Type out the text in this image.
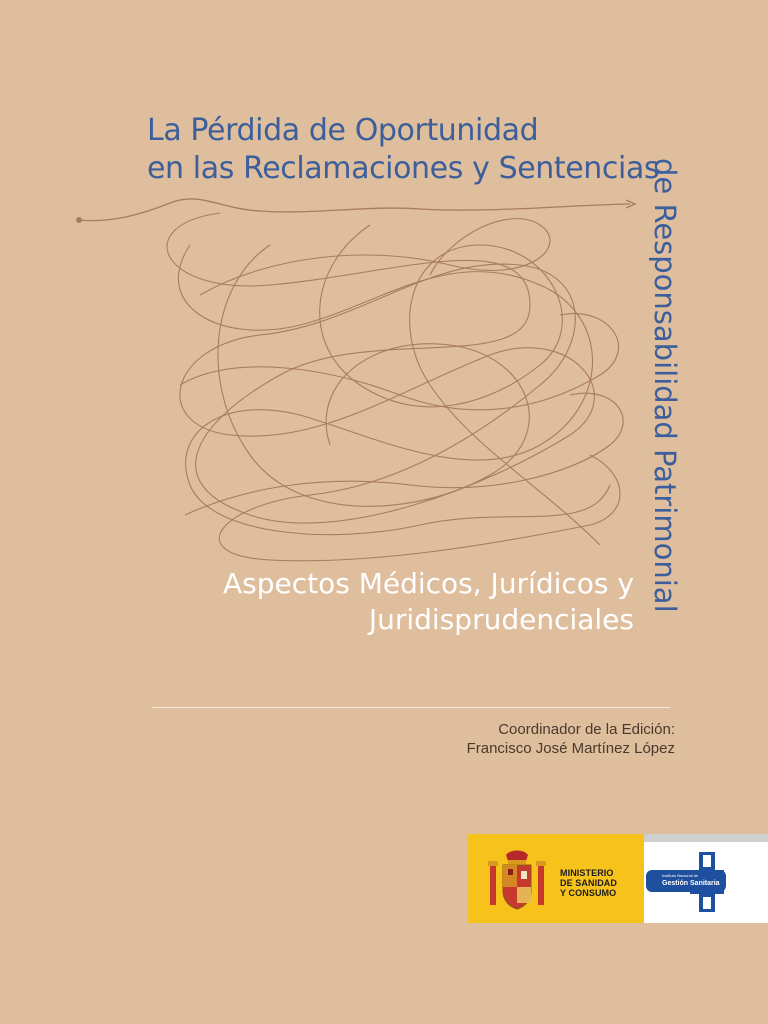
La Pérdida de Oportunidad
en las Reclamaciones y Sentencias
de Responsabilidad Patrimonial
Aspectos Médicos, Jurídicos y
Juridisprudenciales
Coordinador de la Edición:
Francisco José Martínez López
MINISTERIO
DE SANIDAD
Y CONSUMO
Instituto Nacional de
Gestión Sanitaria
